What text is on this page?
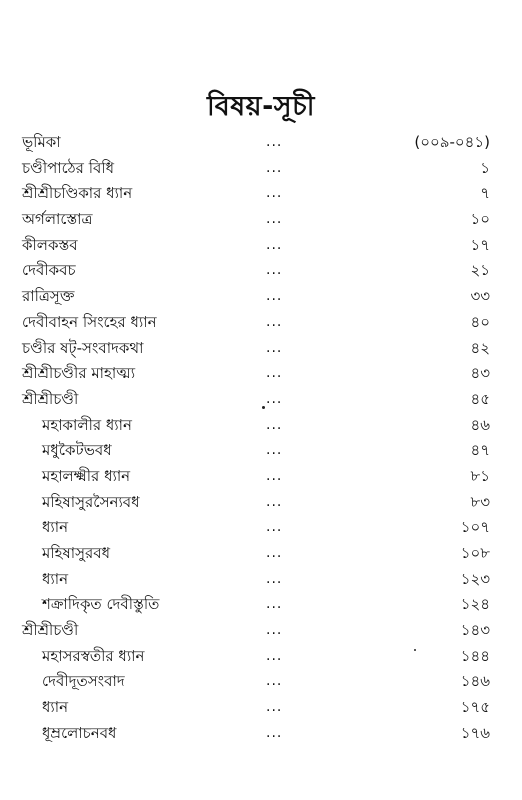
বিষয়-সূচী
ভূমিকা	...	(০০৯-০৪১)
চণ্ডীপাঠের বিধি	...	১
শ্রীশ্রীচণ্ডিকার ধ্যান	...	৭
অর্গলাস্তোত্র	...	১০
কীলকস্তব	...	১৭
দেবীকবচ	...	২১
রাত্রিসূক্ত	...	৩৩
দেবীবাহন সিংহের ধ্যান	...	৪০
চণ্ডীর ষট্-সংবাদকথা	...	৪২
শ্রীশ্রীচণ্ডীর মাহাত্ম্য	...	৪৩
শ্রীশ্রীচণ্ডী	...	৪৫
মহাকালীর ধ্যান	...	৪৬
মধুকৈটভবধ	...	৪৭
মহালক্ষ্মীর ধ্যান	...	৮১
মহিষাসুরসৈন্যবধ	...	৮৩
ধ্যান	...	১০৭
মহিষাসুরবধ	...	১০৮
ধ্যান	...	১২৩
শক্রাদিকৃত দেবীস্তুতি	...	১২৪
শ্রীশ্রীচণ্ডী	...	১৪৩
মহাসরস্বতীর ধ্যান	...	১৪৪
দেবীদূতসংবাদ	...	১৪৬
ধ্যান	...	১৭৫
ধূম্রলোচনবধ	...	১৭৬
